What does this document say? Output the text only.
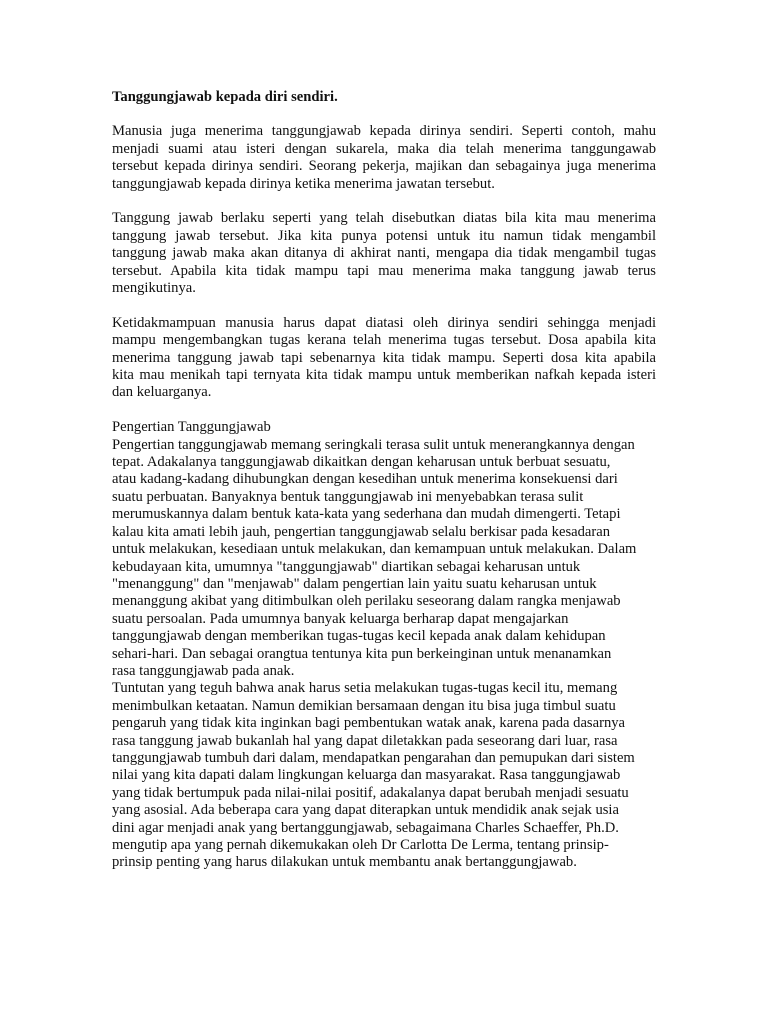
Tanggungjawab kepada diri sendiri.
Manusia juga menerima tanggungjawab kepada dirinya sendiri. Seperti contoh, mahu
menjadi suami atau isteri dengan sukarela, maka dia telah menerima tanggungawab
tersebut kepada dirinya sendiri. Seorang pekerja, majikan dan sebagainya juga menerima
tanggungjawab kepada dirinya ketika menerima jawatan tersebut.
Tanggung jawab berlaku seperti yang telah disebutkan diatas bila kita mau menerima
tanggung jawab tersebut. Jika kita punya potensi untuk itu namun tidak mengambil
tanggung jawab maka akan ditanya di akhirat nanti, mengapa dia tidak mengambil tugas
tersebut. Apabila kita tidak mampu tapi mau menerima maka tanggung jawab terus
mengikutinya.
Ketidakmampuan manusia harus dapat diatasi oleh dirinya sendiri sehingga menjadi
mampu mengembangkan tugas kerana telah menerima tugas tersebut. Dosa apabila kita
menerima tanggung jawab tapi sebenarnya kita tidak mampu. Seperti dosa kita apabila
kita mau menikah tapi ternyata kita tidak mampu untuk memberikan nafkah kepada isteri
dan keluarganya.
Pengertian Tanggungjawab
Pengertian tanggungjawab memang seringkali terasa sulit untuk menerangkannya dengan
tepat. Adakalanya tanggungjawab dikaitkan dengan keharusan untuk berbuat sesuatu,
atau kadang-kadang dihubungkan dengan kesedihan untuk menerima konsekuensi dari
suatu perbuatan. Banyaknya bentuk tanggungjawab ini menyebabkan terasa sulit
merumuskannya dalam bentuk kata-kata yang sederhana dan mudah dimengerti. Tetapi
kalau kita amati lebih jauh, pengertian tanggungjawab selalu berkisar pada kesadaran
untuk melakukan, kesediaan untuk melakukan, dan kemampuan untuk melakukan. Dalam
kebudayaan kita, umumnya "tanggungjawab" diartikan sebagai keharusan untuk
"menanggung" dan "menjawab" dalam pengertian lain yaitu suatu keharusan untuk
menanggung akibat yang ditimbulkan oleh perilaku seseorang dalam rangka menjawab
suatu persoalan. Pada umumnya banyak keluarga berharap dapat mengajarkan
tanggungjawab dengan memberikan tugas-tugas kecil kepada anak dalam kehidupan
sehari-hari. Dan sebagai orangtua tentunya kita pun berkeinginan untuk menanamkan
rasa tanggungjawab pada anak.
Tuntutan yang teguh bahwa anak harus setia melakukan tugas-tugas kecil itu, memang
menimbulkan ketaatan. Namun demikian bersamaan dengan itu bisa juga timbul suatu
pengaruh yang tidak kita inginkan bagi pembentukan watak anak, karena pada dasarnya
rasa tanggung jawab bukanlah hal yang dapat diletakkan pada seseorang dari luar, rasa
tanggungjawab tumbuh dari dalam, mendapatkan pengarahan dan pemupukan dari sistem
nilai yang kita dapati dalam lingkungan keluarga dan masyarakat. Rasa tanggungjawab
yang tidak bertumpuk pada nilai-nilai positif, adakalanya dapat berubah menjadi sesuatu
yang asosial. Ada beberapa cara yang dapat diterapkan untuk mendidik anak sejak usia
dini agar menjadi anak yang bertanggungjawab, sebagaimana Charles Schaeffer, Ph.D.
mengutip apa yang pernah dikemukakan oleh Dr Carlotta De Lerma, tentang prinsip-
prinsip penting yang harus dilakukan untuk membantu anak bertanggungjawab.
